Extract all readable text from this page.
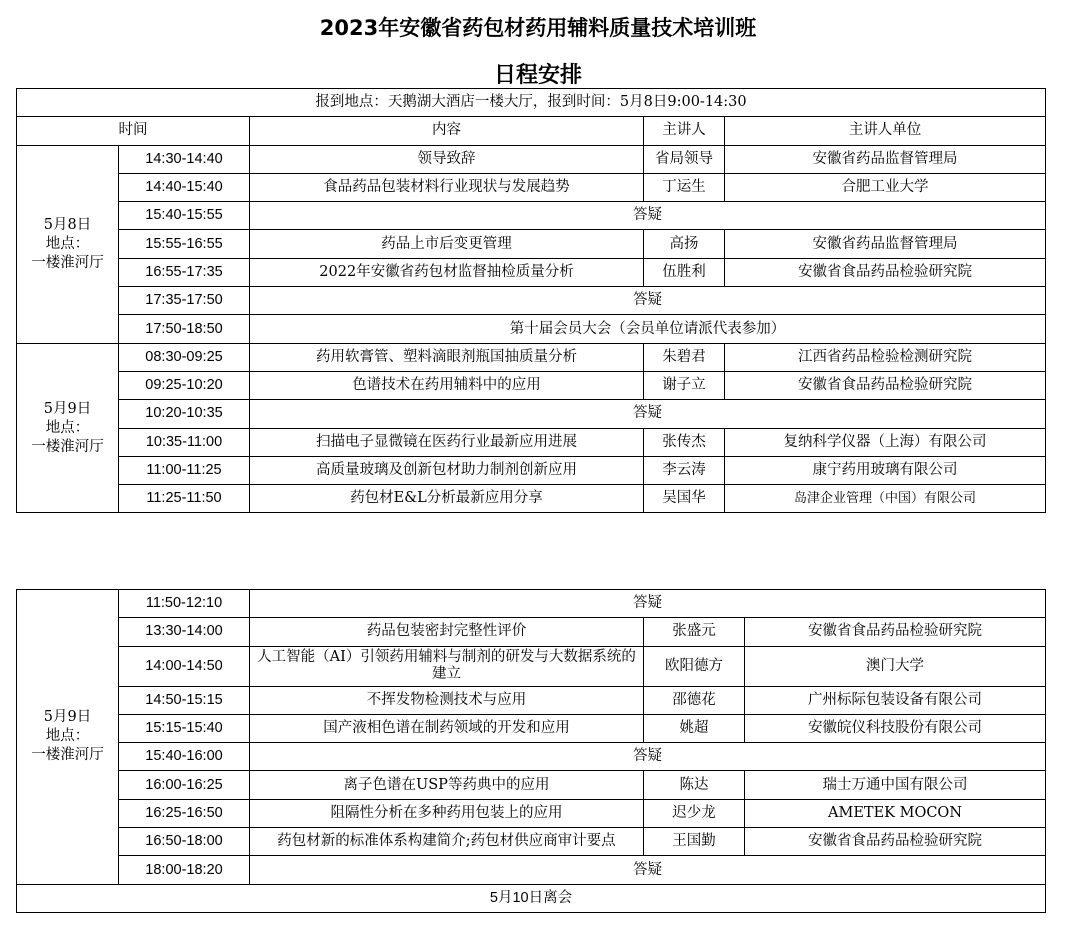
2023年安徽省药包材药用辅料质量技术培训班
日程安排
报到地点：天鹅湖大酒店一楼大厅，报到时间：5月8日9:00-14:30				
时间		内容	主讲人	主讲人单位

5月8日
地点：
一楼淮河厅	14:30-14:40	领导致辞	省局领导	安徽省药品监督管理局
	14:40-15:40	食品药品包装材料行业现状与发展趋势	丁运生	合肥工业大学
	15:40-15:55	答疑		
	15:55-16:55	药品上市后变更管理	高扬	安徽省药品监督管理局
	16:55-17:35	2022年安徽省药包材监督抽检质量分析	伍胜利	安徽省食品药品检验研究院
	17:35-17:50	答疑		
	17:50-18:50	第十届会员大会（会员单位请派代表参加）		

5月9日
地点：
一楼淮河厅	08:30-09:25	药用软膏管、塑料滴眼剂瓶国抽质量分析	朱碧君	江西省药品检验检测研究院
	09:25-10:20	色谱技术在药用辅料中的应用	谢子立	安徽省食品药品检验研究院
	10:20-10:35	答疑		
	10:35-11:00	扫描电子显微镜在医药行业最新应用进展	张传杰	复纳科学仪器（上海）有限公司
	11:00-11:25	高质量玻璃及创新包材助力制剂创新应用	李云涛	康宁药用玻璃有限公司
	11:25-11:50	药包材E&L分析最新应用分享	吴国华	岛津企业管理（中国）有限公司
5月9日
地点：
一楼淮河厅	11:50-12:10	答疑		
	13:30-14:00	药品包装密封完整性评价	张盛元	安徽省食品药品检验研究院
	14:00-14:50	人工智能（AI）引领药用辅料与制剂的研发与大数据系统的建立	欧阳德方	澳门大学
	14:50-15:15	不挥发物检测技术与应用	邵德花	广州标际包装设备有限公司
	15:15-15:40	国产液相色谱在制药领域的开发和应用	姚超	安徽皖仪科技股份有限公司
	15:40-16:00	答疑		
	16:00-16:25	离子色谱在USP等药典中的应用	陈达	瑞士万通中国有限公司
	16:25-16:50	阻隔性分析在多种药用包装上的应用	迟少龙	AMETEK MOCON
	16:50-18:00	药包材新的标准体系构建简介;药包材供应商审计要点	王国勤	安徽省食品药品检验研究院
	18:00-18:20	答疑		
5月10日离会				
